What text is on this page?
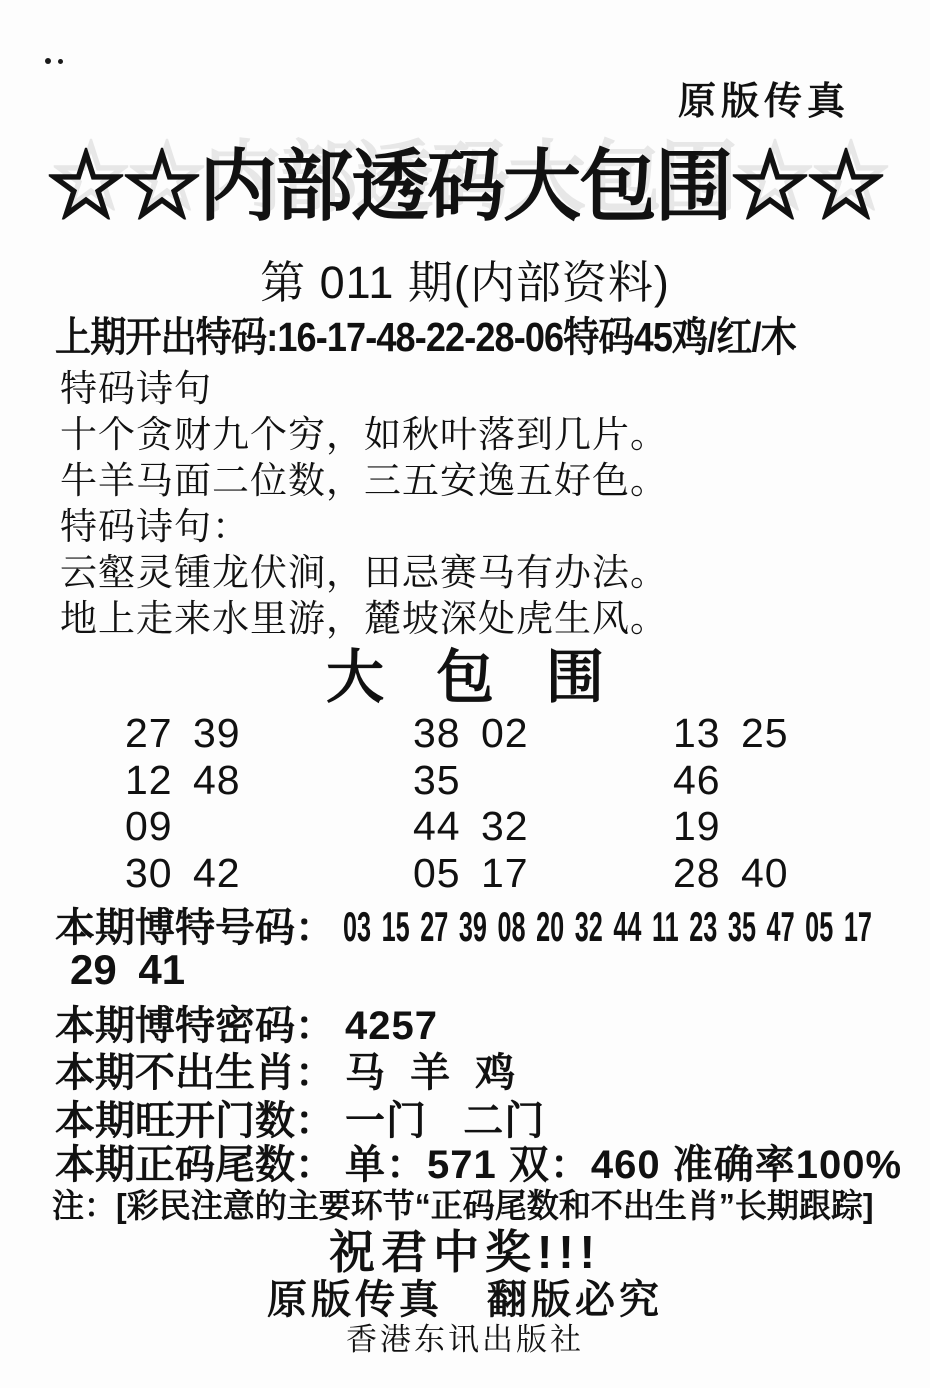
原版传真
☆☆内部透码大包围☆☆
第 011 期(内部资料)
上期开出特码:16-17-48-22-28-06特码45鸡/红/木
特码诗句
十个贪财九个穷，如秋叶落到几片。
牛羊马面二位数，三五安逸五好色。
特码诗句：
云壑灵锺龙伏涧，田忌赛马有办法。
地上走来水里游，麓坡深处虎生风。
大包围
27 39	38 02	13 25
12 48	35	46
09	44 32	19
30 42	05 17	28 40
本期博特号码： 03 15 27 39 08 20 32 44 11 23 35 47 05 17
29 41
本期博特密码： 4257
本期不出生肖： 马 羊 鸡
本期旺开门数： 一门  二门
本期正码尾数： 单：571 双：460 准确率100%
注：[彩民注意的主要环节“正码尾数和不出生肖”长期跟踪]
祝君中奖!!!
原版传真　翻版必究
香港东讯出版社
